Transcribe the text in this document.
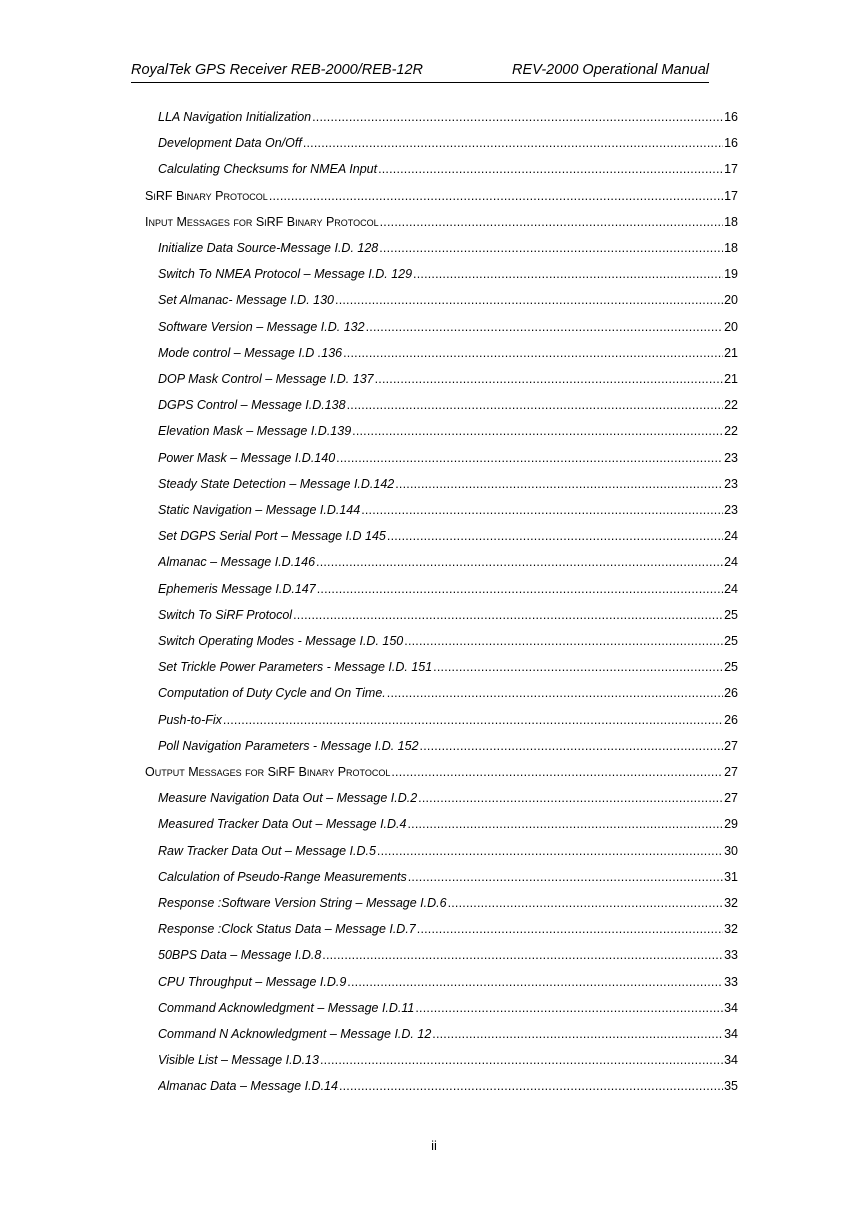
RoyalTek GPS Receiver REB-2000/REB-12R	REV-2000 Operational Manual
LLA Navigation Initialization .....	16
Development Data On/Off .....	16
Calculating Checksums for NMEA Input .....	17
SiRF Binary Protocol .....	17
Input Messages for SiRF Binary Protocol .....	18
Initialize Data Source-Message I.D. 128 .....	18
Switch To NMEA Protocol – Message I.D. 129 .....	19
Set Almanac- Message I.D. 130 .....	20
Software Version – Message I.D. 132 .....	20
Mode control – Message I.D .136 .....	21
DOP Mask Control – Message I.D. 137 .....	21
DGPS Control – Message I.D.138 .....	22
Elevation Mask – Message I.D.139 .....	22
Power Mask – Message I.D.140 .....	23
Steady State Detection – Message I.D.142 .....	23
Static Navigation – Message I.D.144 .....	23
Set DGPS Serial Port – Message I.D 145 .....	24
Almanac – Message I.D.146 .....	24
Ephemeris Message I.D.147 .....	24
Switch To SiRF Protocol .....	25
Switch Operating Modes - Message I.D. 150 .....	25
Set Trickle Power Parameters - Message I.D. 151 .....	25
Computation of Duty Cycle and On Time. .....	26
Push-to-Fix .....	26
Poll Navigation Parameters - Message I.D. 152 .....	27
Output Messages for SiRF Binary Protocol .....	27
Measure Navigation Data Out – Message I.D.2 .....	27
Measured Tracker Data Out – Message I.D.4 .....	29
Raw Tracker Data Out – Message I.D.5 .....	30
Calculation of Pseudo-Range Measurements .....	31
Response :Software Version String – Message I.D.6 .....	32
Response :Clock Status Data – Message I.D.7 .....	32
50BPS Data – Message I.D.8 .....	33
CPU Throughput – Message I.D.9 .....	33
Command Acknowledgment – Message I.D.11 .....	34
Command N Acknowledgment – Message I.D. 12 .....	34
Visible List – Message I.D.13 .....	34
Almanac Data – Message I.D.14 .....	35
ii
